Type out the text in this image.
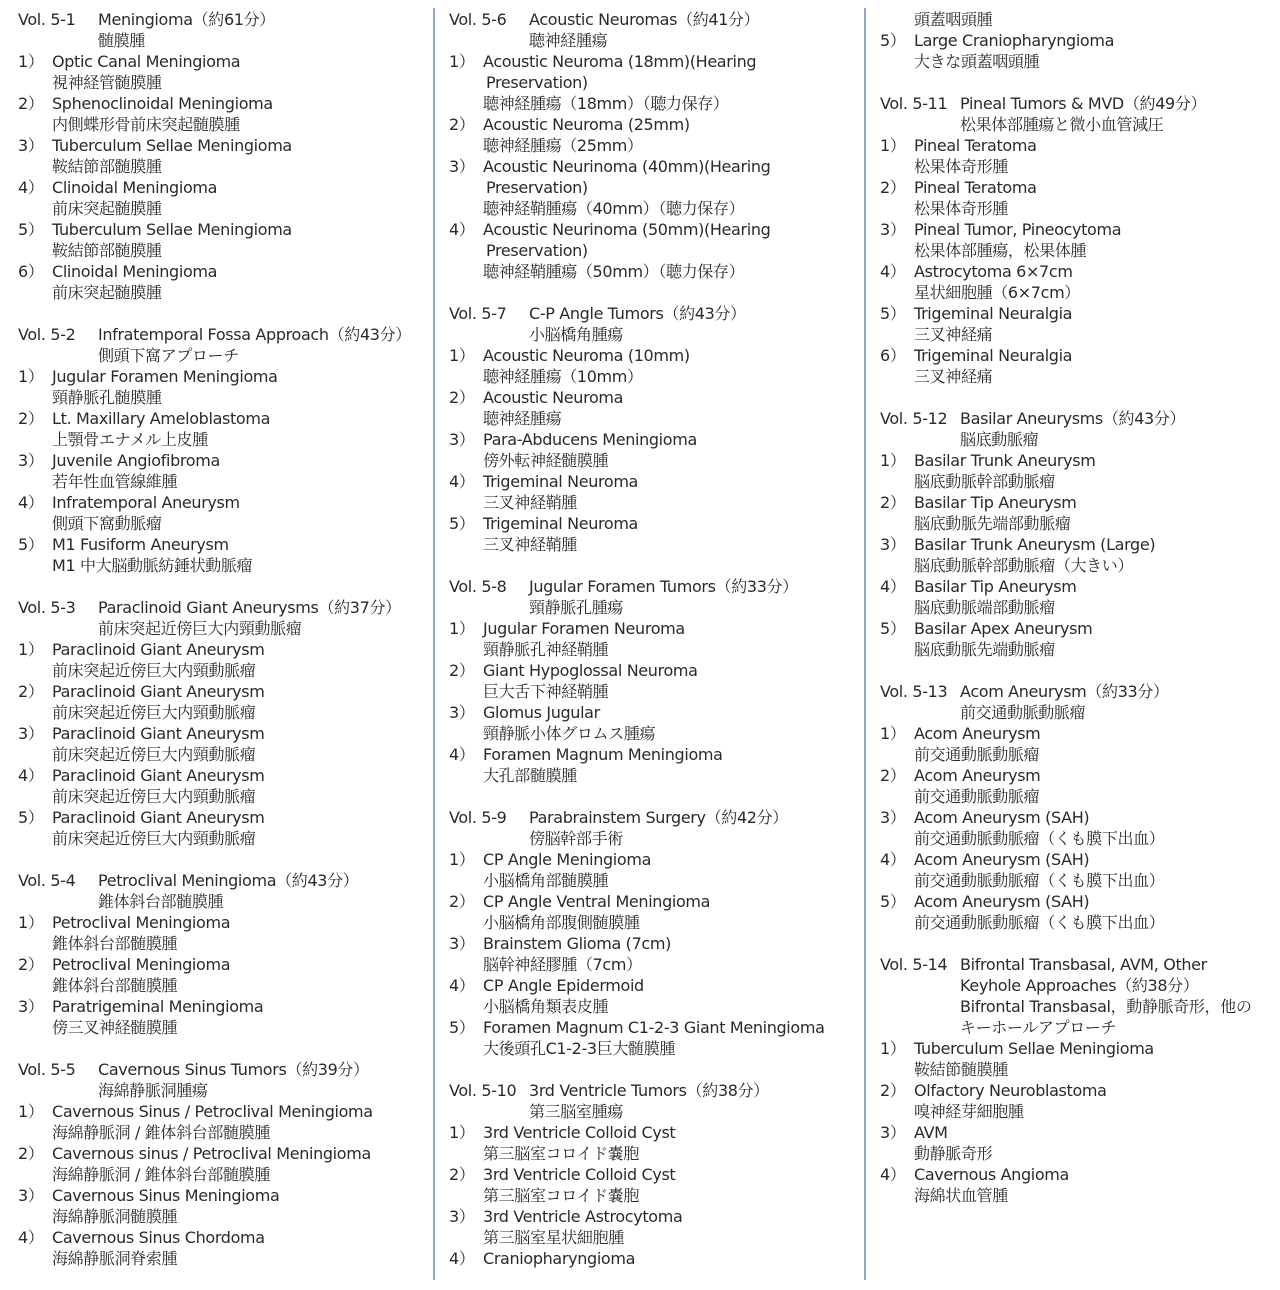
Vol. 5-1	Meningioma（約61分）
髄膜腫
1） Optic Canal Meningioma
視神経管髄膜腫
2） Sphenoclinoidal Meningioma
内側蝶形骨前床突起髄膜腫
3） Tuberculum Sellae Meningioma
鞍結節部髄膜腫
4） Clinoidal Meningioma
前床突起髄膜腫
5） Tuberculum Sellae Meningioma
鞍結節部髄膜腫
6） Clinoidal Meningioma
前床突起髄膜腫
Vol. 5-2	Infratemporal Fossa Approach（約43分）
側頭下窩アプローチ
1） Jugular Foramen Meningioma
頸静脈孔髄膜腫
2） Lt. Maxillary Ameloblastoma
上顎骨エナメル上皮腫
3） Juvenile Angiofibroma
若年性血管線維腫
4） Infratemporal Aneurysm
側頭下窩動脈瘤
5） M1 Fusiform Aneurysm
M1 中大脳動脈紡錘状動脈瘤
Vol. 5-3	Paraclinoid Giant Aneurysms（約37分）
前床突起近傍巨大内頸動脈瘤
1） Paraclinoid Giant Aneurysm
前床突起近傍巨大内頸動脈瘤
2） Paraclinoid Giant Aneurysm
前床突起近傍巨大内頸動脈瘤
3） Paraclinoid Giant Aneurysm
前床突起近傍巨大内頸動脈瘤
4） Paraclinoid Giant Aneurysm
前床突起近傍巨大内頸動脈瘤
5） Paraclinoid Giant Aneurysm
前床突起近傍巨大内頸動脈瘤
Vol. 5-4	Petroclival Meningioma（約43分）
錐体斜台部髄膜腫
1） Petroclival Meningioma
錐体斜台部髄膜腫
2） Petroclival Meningioma
錐体斜台部髄膜腫
3） Paratrigeminal Meningioma
傍三叉神経髄膜腫
Vol. 5-5	Cavernous Sinus Tumors（約39分）
海綿静脈洞腫瘍
1） Cavernous Sinus / Petroclival Meningioma
海綿静脈洞 / 錐体斜台部髄膜腫
2） Cavernous sinus / Petroclival Meningioma
海綿静脈洞 / 錐体斜台部髄膜腫
3） Cavernous Sinus Meningioma
海綿静脈洞髄膜腫
4） Cavernous Sinus Chordoma
海綿静脈洞脊索腫
Vol. 5-6	Acoustic Neuromas（約41分）
聴神経腫瘍
1） Acoustic Neuroma (18mm)(Hearing
Preservation)
聴神経腫瘍（18mm）（聴力保存）
2） Acoustic Neuroma (25mm)
聴神経腫瘍（25mm）
3） Acoustic Neurinoma (40mm)(Hearing
Preservation)
聴神経鞘腫瘍（40mm）（聴力保存）
4） Acoustic Neurinoma (50mm)(Hearing
Preservation)
聴神経鞘腫瘍（50mm）（聴力保存）
Vol. 5-7	C-P Angle Tumors（約43分）
小脳橋角腫瘍
1） Acoustic Neuroma (10mm)
聴神経腫瘍（10mm）
2） Acoustic Neuroma
聴神経腫瘍
3） Para-Abducens Meningioma
傍外転神経髄膜腫
4） Trigeminal Neuroma
三叉神経鞘腫
5） Trigeminal Neuroma
三叉神経鞘腫
Vol. 5-8	Jugular Foramen Tumors（約33分）
頸静脈孔腫瘍
1） Jugular Foramen Neuroma
頸静脈孔神経鞘腫
2） Giant Hypoglossal Neuroma
巨大舌下神経鞘腫
3） Glomus Jugular
頸静脈小体グロムス腫瘍
4） Foramen Magnum Meningioma
大孔部髄膜腫
Vol. 5-9	Parabrainstem Surgery（約42分）
傍脳幹部手術
1） CP Angle Meningioma
小脳橋角部髄膜腫
2） CP Angle Ventral Meningioma
小脳橋角部腹側髄膜腫
3） Brainstem Glioma (7cm)
脳幹神経膠腫（7cm）
4） CP Angle Epidermoid
小脳橋角類表皮腫
5） Foramen Magnum C1-2-3 Giant Meningioma
大後頭孔C1-2-3巨大髄膜腫
Vol. 5-10 3rd Ventricle Tumors（約38分）
第三脳室腫瘍
1） 3rd Ventricle Colloid Cyst
第三脳室コロイド嚢胞
2） 3rd Ventricle Colloid Cyst
第三脳室コロイド嚢胞
3） 3rd Ventricle Astrocytoma
第三脳室星状細胞腫
4） Craniopharyngioma
頭蓋咽頭腫
5） Large Craniopharyngioma
大きな頭蓋咽頭腫
Vol. 5-11 Pineal Tumors & MVD（約49分）
松果体部腫瘍と微小血管減圧
1） Pineal Teratoma
松果体奇形腫
2） Pineal Teratoma
松果体奇形腫
3） Pineal Tumor, Pineocytoma
松果体部腫瘍，松果体腫
4） Astrocytoma 6×7cm
星状細胞腫（6×7cm）
5） Trigeminal Neuralgia
三叉神経痛
6） Trigeminal Neuralgia
三叉神経痛
Vol. 5-12 Basilar Aneurysms（約43分）
脳底動脈瘤
1） Basilar Trunk Aneurysm
脳底動脈幹部動脈瘤
2） Basilar Tip Aneurysm
脳底動脈先端部動脈瘤
3） Basilar Trunk Aneurysm (Large)
脳底動脈幹部動脈瘤（大きい）
4） Basilar Tip Aneurysm
脳底動脈端部動脈瘤
5） Basilar Apex Aneurysm
脳底動脈先端動脈瘤
Vol. 5-13 Acom Aneurysm（約33分）
前交通動脈動脈瘤
1） Acom Aneurysm
前交通動脈動脈瘤
2） Acom Aneurysm
前交通動脈動脈瘤
3） Acom Aneurysm (SAH)
前交通動脈動脈瘤（くも膜下出血）
4） Acom Aneurysm (SAH)
前交通動脈動脈瘤（くも膜下出血）
5） Acom Aneurysm (SAH)
前交通動脈動脈瘤（くも膜下出血）
Vol. 5-14 Bifrontal Transbasal, AVM, Other
Keyhole Approaches（約38分）
Bifrontal Transbasal，動静脈奇形，他の
キーホールアプローチ
1） Tuberculum Sellae Meningioma
鞍結節髄膜腫
2） Olfactory Neuroblastoma
嗅神経芽細胞腫
3） AVM
動静脈奇形
4） Cavernous Angioma
海綿状血管腫
